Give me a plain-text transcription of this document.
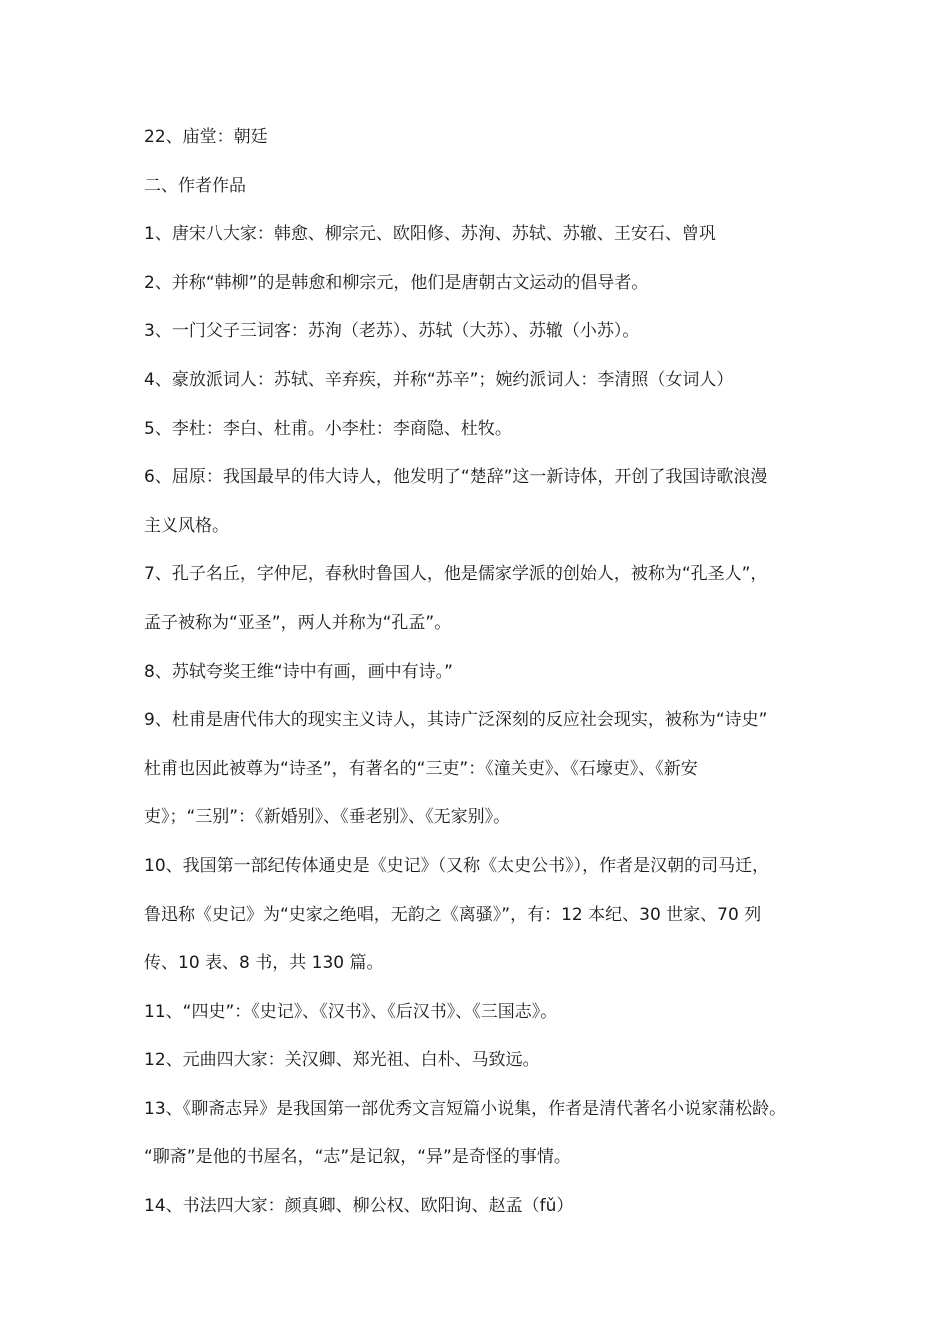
22、庙堂：朝廷
二、作者作品
1、唐宋八大家：韩愈、柳宗元、欧阳修、苏洵、苏轼、苏辙、王安石、曾巩
2、并称“韩柳”的是韩愈和柳宗元，他们是唐朝古文运动的倡导者。
3、一门父子三词客：苏洵（老苏）、苏轼（大苏）、苏辙（小苏）。
4、豪放派词人：苏轼、辛弃疾，并称“苏辛”；婉约派词人：李清照（女词人）
5、李杜：李白、杜甫。小李杜：李商隐、杜牧。
6、屈原：我国最早的伟大诗人，他发明了“楚辞”这一新诗体，开创了我国诗歌浪漫
主义风格。
7、孔子名丘，字仲尼，春秋时鲁国人，他是儒家学派的创始人，被称为“孔圣人”，
孟子被称为“亚圣”，两人并称为“孔孟”。
8、苏轼夸奖王维“诗中有画，画中有诗。”
9、杜甫是唐代伟大的现实主义诗人，其诗广泛深刻的反应社会现实，被称为“诗史”
杜甫也因此被尊为“诗圣”，有著名的“三吏”：《潼关吏》、《石壕吏》、《新安
吏》；“三别”：《新婚别》、《垂老别》、《无家别》。
10、我国第一部纪传体通史是《史记》（又称《太史公书》），作者是汉朝的司马迁，
鲁迅称《史记》为“史家之绝唱，无韵之《离骚》”，有：12 本纪、30 世家、70 列
传、10 表、8 书，共 130 篇。
11、“四史”：《史记》、《汉书》、《后汉书》、《三国志》。
12、元曲四大家：关汉卿、郑光祖、白朴、马致远。
13、《聊斋志异》是我国第一部优秀文言短篇小说集，作者是清代著名小说家蒲松龄。
“聊斋”是他的书屋名，“志”是记叙，“异”是奇怪的事情。
14、书法四大家：颜真卿、柳公权、欧阳询、赵孟（fǔ）
